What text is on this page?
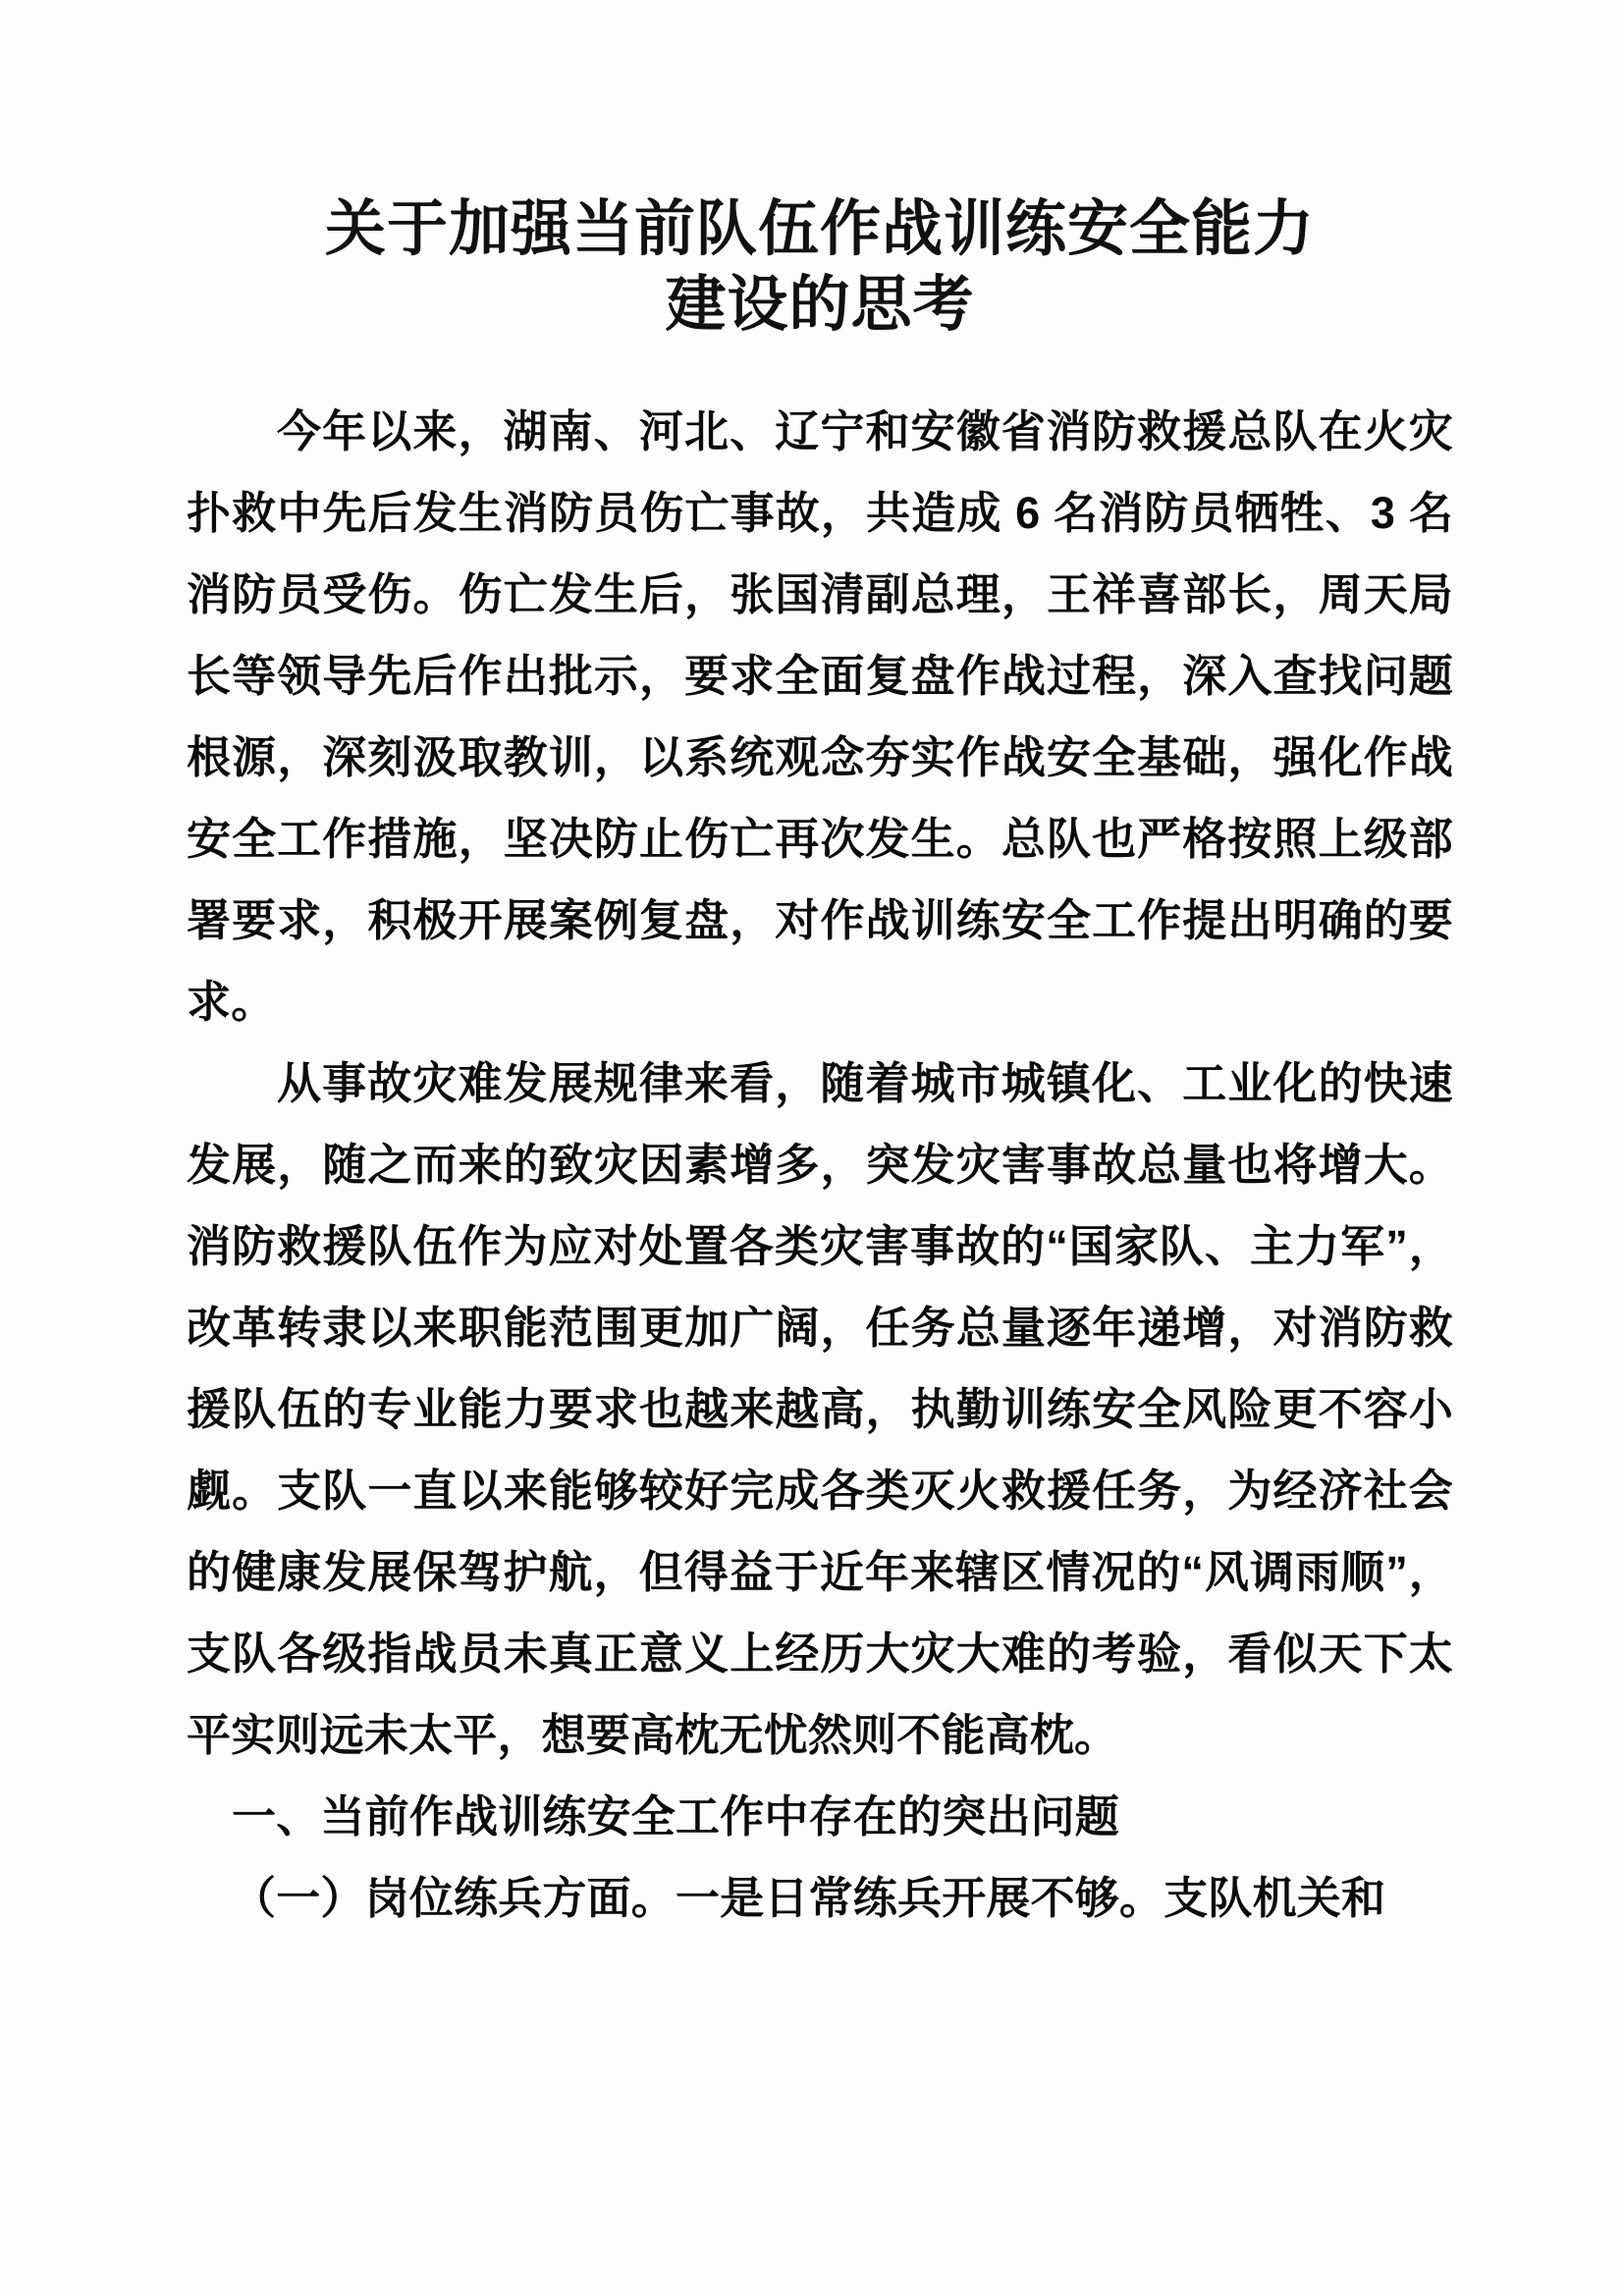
关于加强当前队伍作战训练安全能力
建设的思考

今年以来，湖南、河北、辽宁和安徽省消防救援总队在火灾扑救中先后发生消防员伤亡事故，共造成 6 名消防员牺牲、3 名消防员受伤。伤亡发生后，张国清副总理，王祥喜部长，周天局长等领导先后作出批示，要求全面复盘作战过程，深入查找问题根源，深刻汲取教训，以系统观念夯实作战安全基础，强化作战安全工作措施，坚决防止伤亡再次发生。总队也严格按照上级部署要求，积极开展案例复盘，对作战训练安全工作提出明确的要求。

从事故灾难发展规律来看，随着城市城镇化、工业化的快速发展，随之而来的致灾因素增多，突发灾害事故总量也将增大。消防救援队伍作为应对处置各类灾害事故的“国家队、主力军”，改革转隶以来职能范围更加广阔，任务总量逐年递增，对消防救援队伍的专业能力要求也越来越高，执勤训练安全风险更不容小觑。支队一直以来能够较好完成各类灭火救援任务，为经济社会的健康发展保驾护航，但得益于近年来辖区情况的“风调雨顺”，支队各级指战员未真正意义上经历大灾大难的考验，看似天下太平实则远未太平，想要高枕无忧然则不能高枕。

一、当前作战训练安全工作中存在的突出问题

（一）岗位练兵方面。一是日常练兵开展不够。支队机关和
